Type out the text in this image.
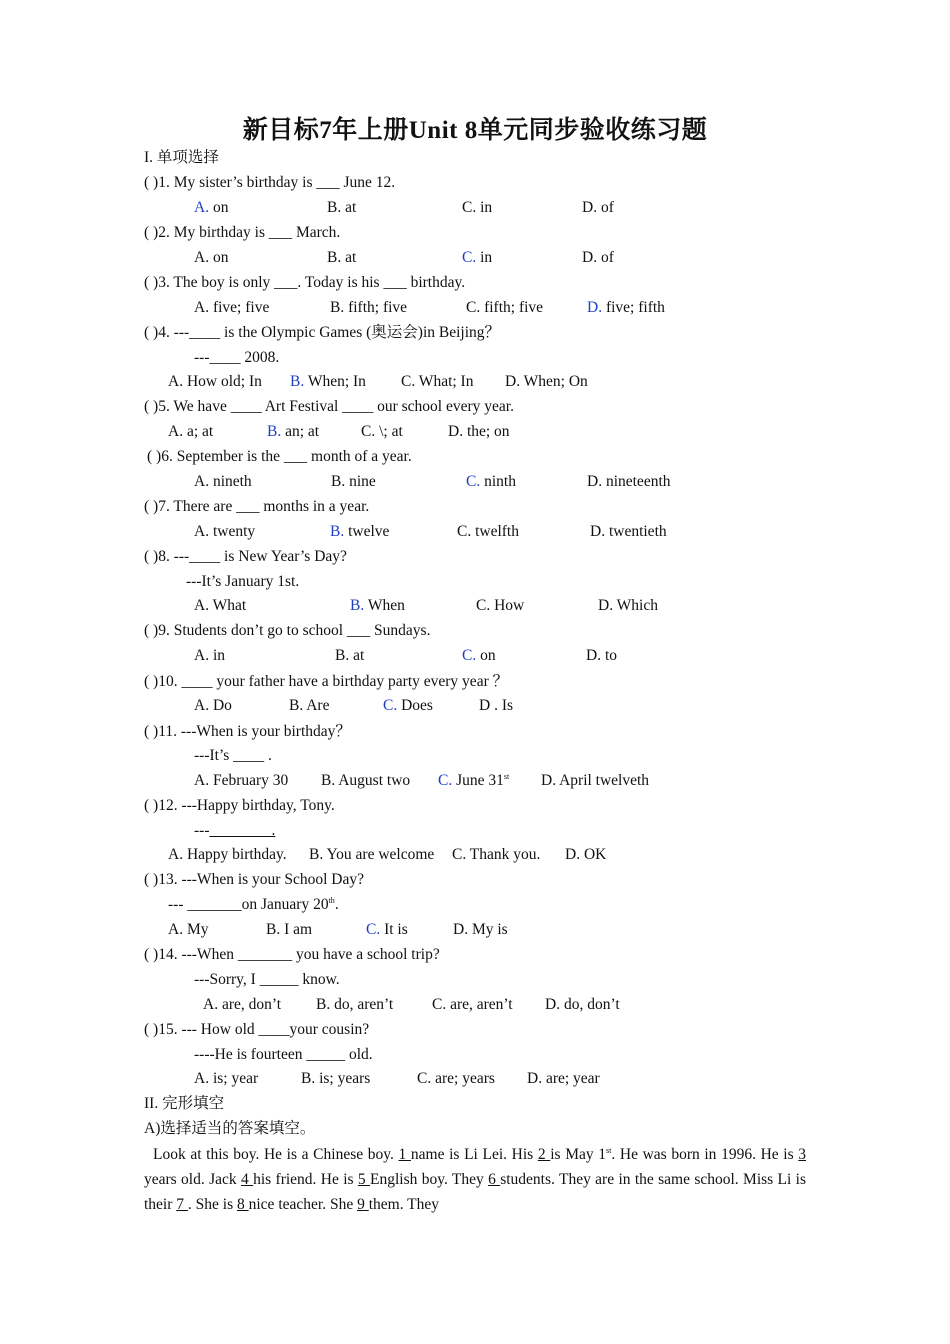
新目标7年上册Unit 8单元同步验收练习题
I. 单项选择
( )1. My sister’s birthday is ___ June 12.
A. on	B. at	C. in	D. of
( )2. My birthday is ___ March.
A. on	B. at	C. in	D. of
( )3. The boy is only ___. Today is his ___ birthday.
A. five; five	B. fifth; five	C. fifth; five	D. five; fifth
( )4. ---____ is the Olympic Games (奥运会)in Beijing？
---____ 2008.
A. How old; In B. When; In C. What; In D. When; On
( )5. We have ____ Art Festival ____ our school every year.
A. a; at	B. an; at	C. \; at	D. the; on
( )6. September is the ___ month of a year.
A. nineth	B. nine	C. ninth	D. nineteenth
( )7. There are ___ months in a year.
A. twenty	B. twelve	C. twelfth	D. twentieth
( )8. ---____ is New Year’s Day?
---It’s January 1st.
A. What	B. When	C. How	D. Which
( )9. Students don’t go to school ___ Sundays.
A. in	B. at	C. on	D. to
( )10. ____ your father have a birthday party every year ？
A. Do	B. Are	C. Does	D . Is
( )11. ---When is your birthday？
---It’s ____ .
A. February 30 B. August two C. June 31st D. April twelveth
( )12. ---Happy birthday, Tony.
---________.
A. Happy birthday. B. You are welcome C. Thank you. D. OK
( )13. ---When is your School Day?
--- _______on January 20th.
A. My	B. I am	C. It is	D. My is
( )14. ---When _______ you have a school trip?
---Sorry, I _____ know.
A. are, don’t B. do, aren’t	C. are, aren’t D. do, don’t
( )15. --- How old ____your cousin?
----He is fourteen _____ old.
A. is; year	B. is; years	C. are; years D. are; year
II. 完形填空
A)选择适当的答案填空。
Look at this boy. He is a Chinese boy. 1 name is Li Lei. His 2 is May 1st. He was born in 1996. He is 3 years old. Jack 4 his friend. He is 5 English boy. They 6 students. They are in the same school. Miss Li is their 7 . She is 8 nice teacher. She 9 them. They
